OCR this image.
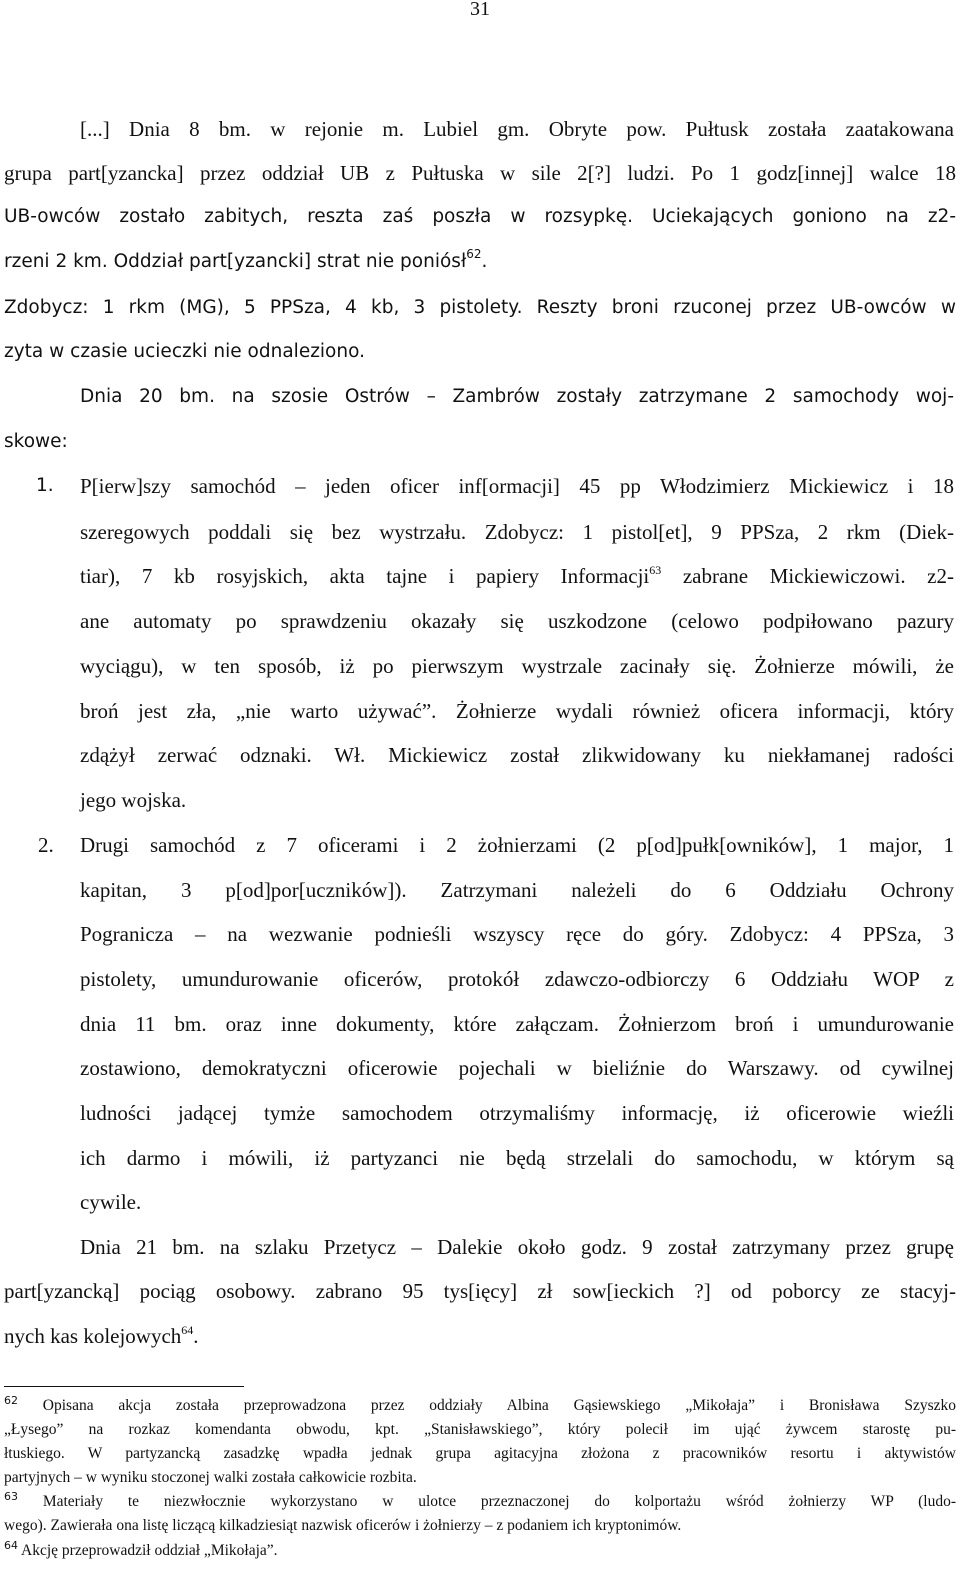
31
[...] Dnia 8 bm. w rejonie m. Lubiel gm. Obryte pow. Pułtusk została zaatakowana
grupa part[yzancka] przez oddział UB z Pułtuska w sile 2[?] ludzi. Po 1 godz[innej] walce 18
UB-owców zostało zabitych, reszta zaś poszła w rozsypkę. Uciekających goniono na z2-
rzeni 2 km. Oddział part[yzancki] strat nie poniósł$^{62}$.
Zdobycz: 1 rkm (MG), 5 PPSza, 4 kb, 3 pistolety. Reszty broni rzuconej przez UB-owców w
zyta w czasie ucieczki nie odnaleziono.
Dnia 20 bm. na szosie Ostrów – Zambrów zostały zatrzymane 2 samochody woj-
skowe:
1. P[ierw]szy samochód – jeden oficer inf[ormacji] 45 pp Włodzimierz Mickiewicz i 18
szeregowych poddali się bez wystrzału. Zdobycz: 1 pistol[et], 9 PPSza, 2 rkm (Diek-
tiar), 7 kb rosyjskich, akta tajne i papiery Informacji$^{63}$ zabrane Mickiewiczowi. z2-
ane automaty po sprawdzeniu okazały się uszkodzone (celowo podpiłowano pazury
wyciągu), w ten sposób, iż po pierwszym wystrzale zacinały się. Żołnierze mówili, że
broń jest zła, „nie warto używać”. Żołnierze wydali również oficera informacji, który
zdążył zerwać odznaki. Wł. Mickiewicz został zlikwidowany ku niekłamanej radości
jego wojska.
2. Drugi samochód z 7 oficerami i 2 żołnierzami (2 p[od]pułk[owników], 1 major, 1
kapitan, 3 p[od]por[uczników]). Zatrzymani należeli do 6 Oddziału Ochrony
Pogranicza – na wezwanie podnieśli wszyscy ręce do góry. Zdobycz: 4 PPSza, 3
pistolety, umundurowanie oficerów, protokół zdawczo-odbiorczy 6 Oddziału WOP z
dnia 11 bm. oraz inne dokumenty, które załączam. Żołnierzom broń i umundurowanie
zostawiono, demokratyczni oficerowie pojechali w bieliźnie do Warszawy. od cywilnej
ludności jadącej tymże samochodem otrzymaliśmy informację, iż oficerowie wieźli
ich darmo i mówili, iż partyzanci nie będą strzelali do samochodu, w którym są
cywile.
Dnia 21 bm. na szlaku Przetycz – Dalekie około godz. 9 został zatrzymany przez grupę
part[yzancką] pociąg osobowy. zabrano 95 tys[ięcy] zł sow[ieckich ?] od poborcy ze stacyj-
nych kas kolejowych$^{64}$.
$^{62}$ Opisana akcja została przeprowadzona przez oddziały Albina Gąsiewskiego „Mikołaja” i Bronisława Szyszko
„Łysego” na rozkaz komendanta obwodu, kpt. „Stanisławskiego”, który polecił im ująć żywcem starostę pu-
łtuskiego. W partyzancką zasadzkę wpadła jednak grupa agitacyjna złożona z pracowników resortu i aktywistów
partyjnych – w wyniku stoczonej walki została całkowicie rozbita.
$^{63}$ Materiały te niezwłocznie wykorzystano w ulotce przeznaczonej do kolportażu wśród żołnierzy WP (ludo-
wego). Zawierała ona listę liczącą kilkadziesiąt nazwisk oficerów i żołnierzy – z podaniem ich kryptonimów.
$^{64}$ Akcję przeprowadził oddział „Mikołaja”.
